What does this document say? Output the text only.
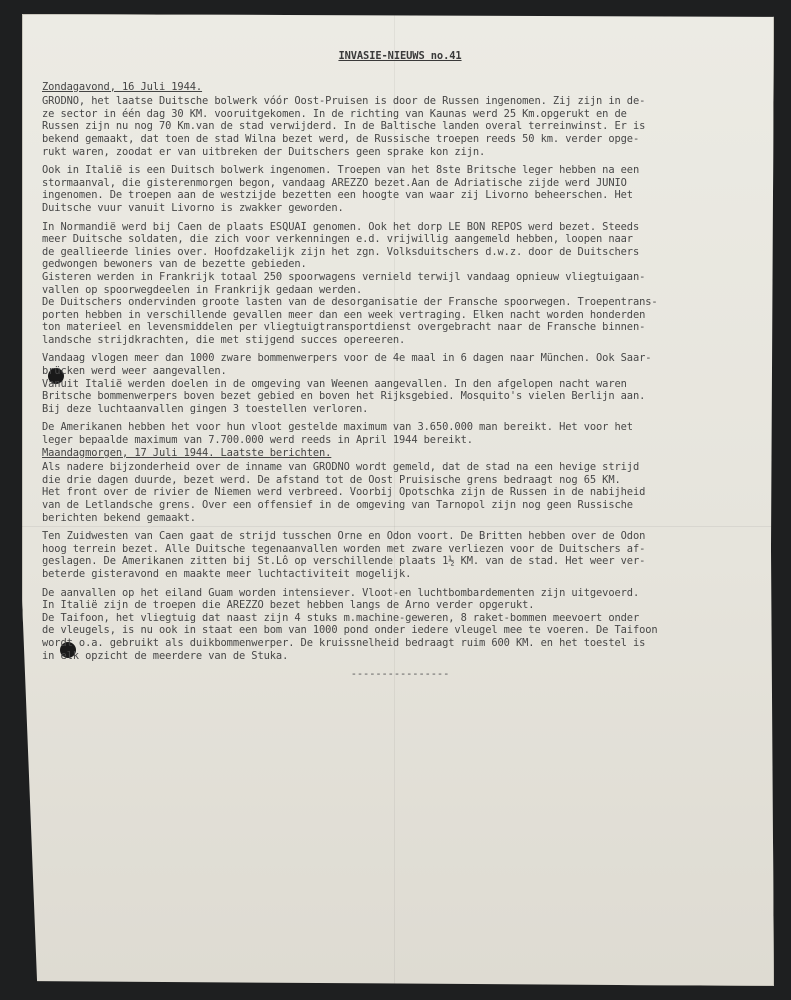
INVASIE-NIEUWS no.41
Zondagavond, 16 Juli 1944.
GRODNO, het laatse Duitsche bolwerk vóór Oost-Pruisen is door de Russen ingenomen. Zij zijn in de-
ze sector in één dag 30 KM. vooruitgekomen. In de richting van Kaunas werd 25 Km.opgerukt en de
Russen zijn nu nog 70 Km.van de stad verwijderd. In de Baltische landen overal terreinwinst. Er is
bekend gemaakt, dat toen de stad Wilna bezet werd, de Russische troepen reeds 50 km. verder opge-
rukt waren, zoodat er van uitbreken der Duitschers geen sprake kon zijn.
Ook in Italië is een Duitsch bolwerk ingenomen. Troepen van het 8ste Britsche leger hebben na een
stormaanval, die gisterenmorgen begon, vandaag AREZZO bezet.Aan de Adriatische zijde werd JUNIO
ingenomen. De troepen aan de westzijde bezetten een hoogte van waar zij Livorno beheerschen. Het
Duitsche vuur vanuit Livorno is zwakker geworden.
In Normandië werd bij Caen de plaats ESQUAI genomen. Ook het dorp LE BON REPOS werd bezet. Steeds
meer Duitsche soldaten, die zich voor verkenningen e.d. vrijwillig aangemeld hebben, loopen naar
de geallieerde linies over. Hoofdzakelijk zijn het zgn. Volksduitschers d.w.z. door de Duitschers
gedwongen bewoners van de bezette gebieden.
Gisteren werden in Frankrijk totaal 250 spoorwagens vernield terwijl vandaag opnieuw vliegtuigaan-
vallen op spoorwegdeelen in Frankrijk gedaan werden.
De Duitschers ondervinden groote lasten van de desorganisatie der Fransche spoorwegen. Troepentrans-
porten hebben in verschillende gevallen meer dan een week vertraging. Elken nacht worden honderden
ton materieel en levensmiddelen per vliegtuigtransportdienst overgebracht naar de Fransche binnen-
landsche strijdkrachten, die met stijgend succes opereeren.
Vandaag vlogen meer dan 1000 zware bommenwerpers voor de 4e maal in 6 dagen naar München. Ook Saar-
brücken werd weer aangevallen.
Vanuit Italië werden doelen in de omgeving van Weenen aangevallen. In den afgelopen nacht waren
Britsche bommenwerpers boven bezet gebied en boven het Rijksgebied. Mosquito's vielen Berlijn aan.
Bij deze luchtaanvallen gingen 3 toestellen verloren.
De Amerikanen hebben het voor hun vloot gestelde maximum van 3.650.000 man bereikt. Het voor het
leger bepaalde maximum van 7.700.000 werd reeds in April 1944 bereikt.
Maandagmorgen, 17 Juli 1944. Laatste berichten.
Als nadere bijzonderheid over de inname van GRODNO wordt gemeld, dat de stad na een hevige strijd
die drie dagen duurde, bezet werd. De afstand tot de Oost Pruisische grens bedraagt nog 65 KM.
Het front over de rivier de Niemen werd verbreed. Voorbij Opotschka zijn de Russen in de nabijheid
van de Letlandsche grens. Over een offensief in de omgeving van Tarnopol zijn nog geen Russische
berichten bekend gemaakt.
Ten Zuidwesten van Caen gaat de strijd tusschen Orne en Odon voort. De Britten hebben over de Odon
hoog terrein bezet. Alle Duitsche tegenaanvallen worden met zware verliezen voor de Duitschers af-
geslagen. De Amerikanen zitten bij St.Lô op verschillende plaats 1½ KM. van de stad. Het weer ver-
beterde gisteravond en maakte meer luchtactiviteit mogelijk.
De aanvallen op het eiland Guam worden intensiever. Vloot-en luchtbombardementen zijn uitgevoerd.
In Italië zijn de troepen die AREZZO bezet hebben langs de Arno verder opgerukt.
De Taifoon, het vliegtuig dat naast zijn 4 stuks m.machine-geweren, 8 raket-bommen meevoert onder
de vleugels, is nu ook in staat een bom van 1000 pond onder iedere vleugel mee te voeren. De Taifoon
wordt o.a. gebruikt als duikbommenwerper. De kruissnelheid bedraagt ruim 600 KM. en het toestel is
in elk opzicht de meerdere van de Stuka.
----------------
